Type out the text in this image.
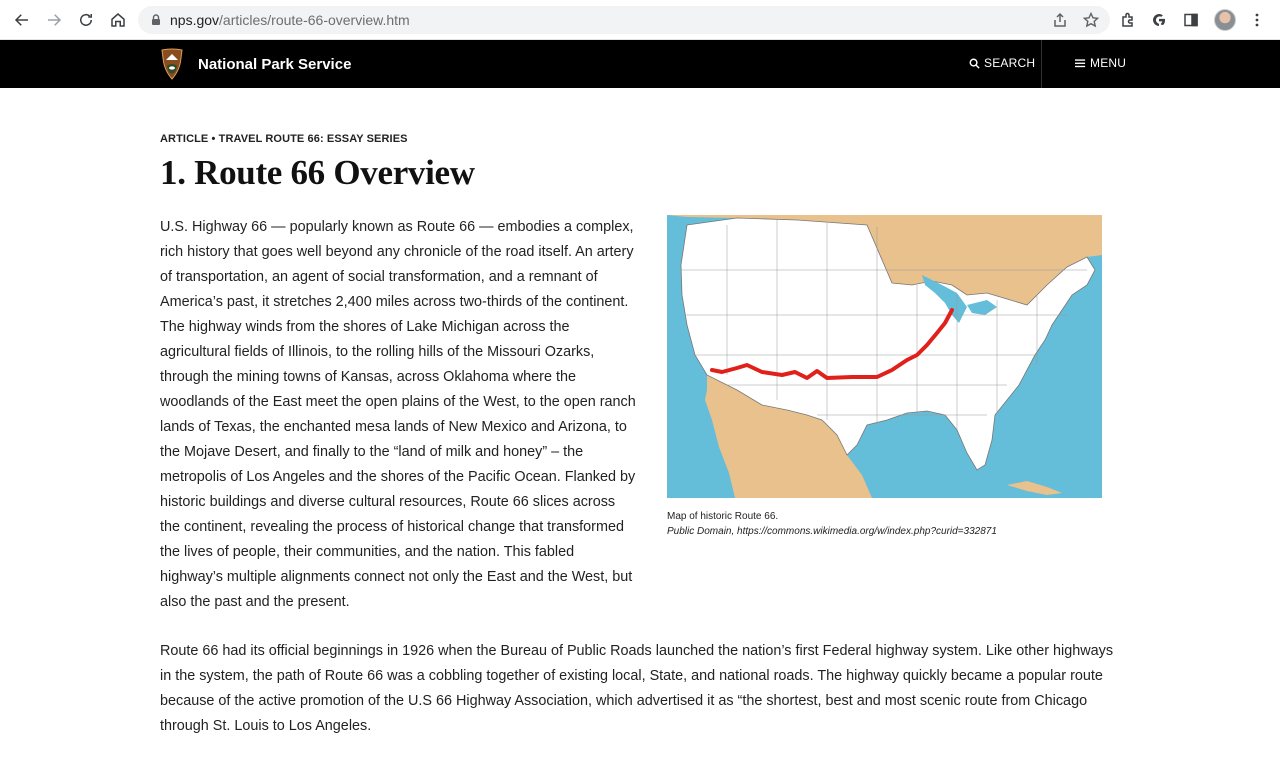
nps.gov /articles/route-66-overview.htm
National Park Service	SEARCH	MENU
ARTICLE • TRAVEL ROUTE 66: ESSAY SERIES
1. Route 66 Overview

U.S. Highway 66 — popularly known as Route 66 — embodies a complex, rich history that goes well beyond any chronicle of the road itself. An artery of transportation, an agent of social transformation, and a remnant of America’s past, it stretches 2,400 miles across two-thirds of the continent. The highway winds from the shores of Lake Michigan across the agricultural fields of Illinois, to the rolling hills of the Missouri Ozarks, through the mining towns of Kansas, across Oklahoma where the woodlands of the East meet the open plains of the West, to the open ranch lands of Texas, the enchanted mesa lands of New Mexico and Arizona, to the Mojave Desert, and finally to the “land of milk and honey” – the metropolis of Los Angeles and the shores of the Pacific Ocean. Flanked by historic buildings and diverse cultural resources, Route 66 slices across the continent, revealing the process of historical change that transformed the lives of people, their communities, and the nation. This fabled highway’s multiple alignments connect not only the East and the West, but also the past and the present.

Map of historic Route 66.
Public Domain, https://commons.wikimedia.org/w/index.php?curid=332871

Route 66 had its official beginnings in 1926 when the Bureau of Public Roads launched the nation’s first Federal highway system. Like other highways in the system, the path of Route 66 was a cobbling together of existing local, State, and national roads. The highway quickly became a popular route because of the active promotion of the U.S 66 Highway Association, which advertised it as “the shortest, best and most scenic route from Chicago through St. Louis to Los Angeles.
